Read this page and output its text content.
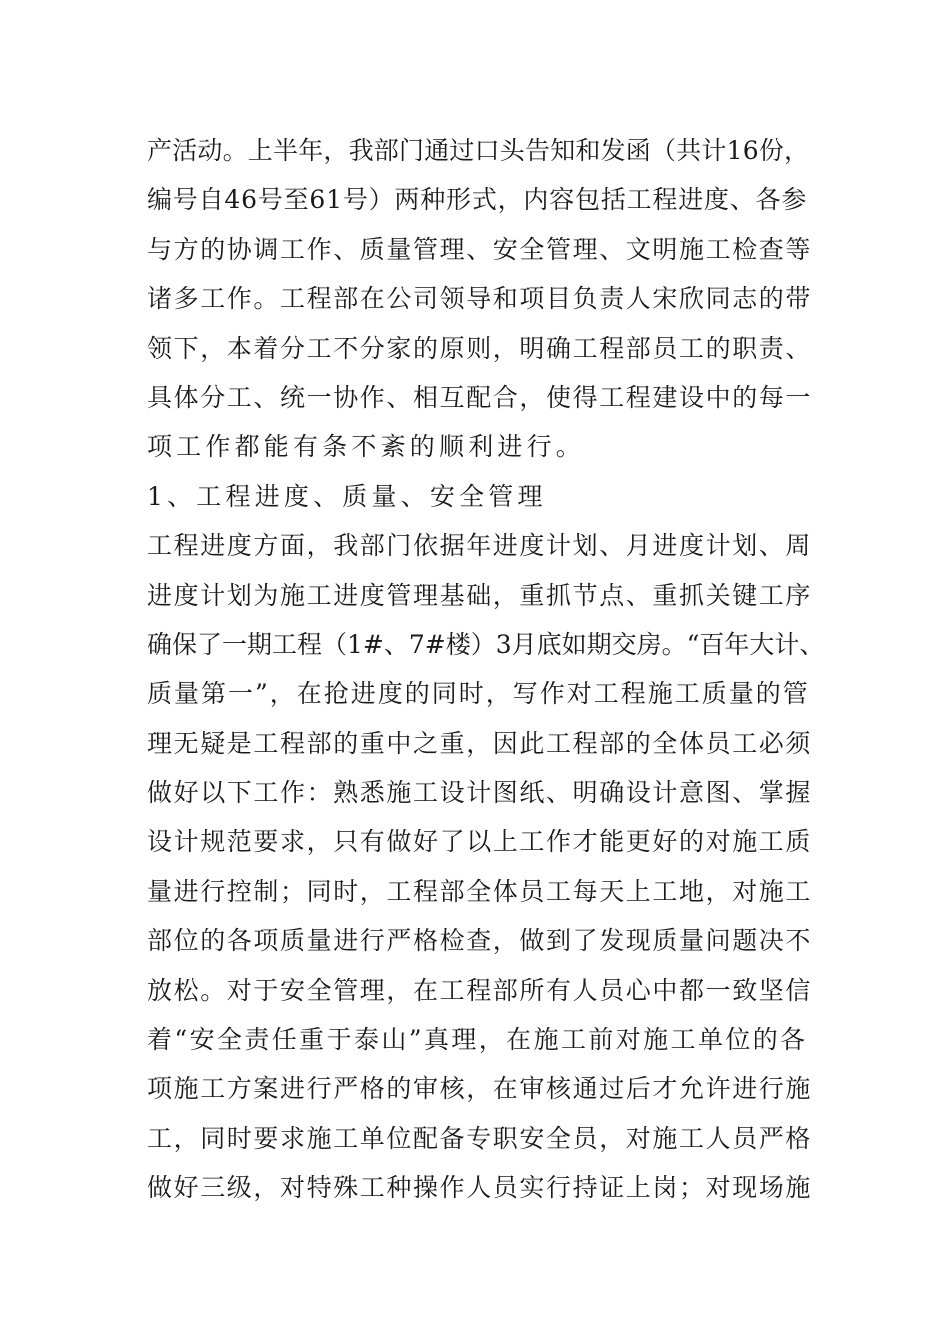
产活动。上半年，我部门通过口头告知和发函（共计16份，
编号自46号至61号）两种形式，内容包括工程进度、各参
与方的协调工作、质量管理、安全管理、文明施工检查等
诸多工作。工程部在公司领导和项目负责人宋欣同志的带
领下，本着分工不分家的原则，明确工程部员工的职责、
具体分工、统一协作、相互配合，使得工程建设中的每一
项工作都能有条不紊的顺利进行。
1、工程进度、质量、安全管理
工程进度方面，我部门依据年进度计划、月进度计划、周
进度计划为施工进度管理基础，重抓节点、重抓关键工序
确保了一期工程（1#、7#楼）3月底如期交房。“百年大计、
质量第一”，在抢进度的同时，写作对工程施工质量的管
理无疑是工程部的重中之重，因此工程部的全体员工必须
做好以下工作：熟悉施工设计图纸、明确设计意图、掌握
设计规范要求，只有做好了以上工作才能更好的对施工质
量进行控制；同时，工程部全体员工每天上工地，对施工
部位的各项质量进行严格检查，做到了发现质量问题决不
放松。对于安全管理，在工程部所有人员心中都一致坚信
着“安全责任重于泰山”真理，在施工前对施工单位的各
项施工方案进行严格的审核，在审核通过后才允许进行施
工，同时要求施工单位配备专职安全员，对施工人员严格
做好三级，对特殊工种操作人员实行持证上岗；对现场施
